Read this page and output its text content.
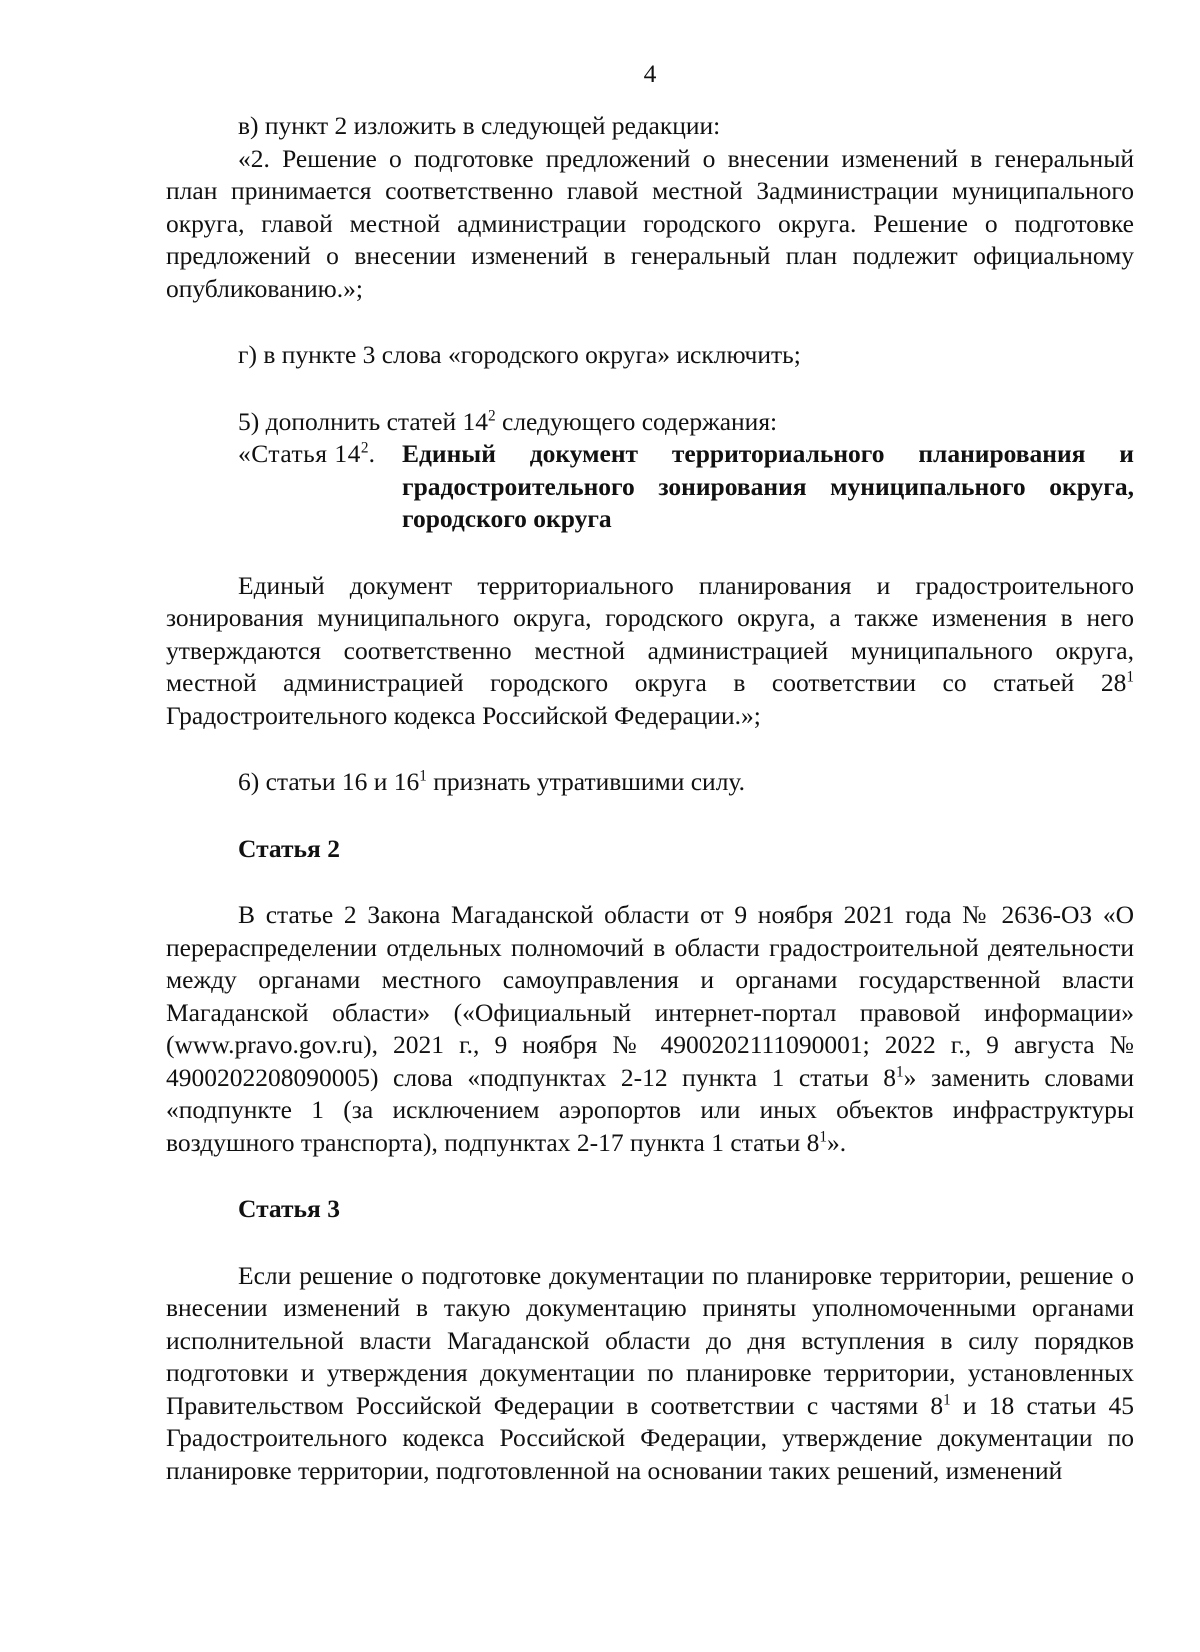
4

в) пункт 2 изложить в следующей редакции:

«2. Решение о подготовке предложений о внесении изменений в генеральный план принимается соответственно главой местной Задминистрации муниципального округа, главой местной администрации городского округа. Решение о подготовке предложений о внесении изменений в генеральный план подлежит официальному опубликованию.»;

г) в пункте 3 слова «городского округа» исключить;

5) дополнить статей $14^2$ следующего содержания:

«Статья $14^2$.	Единый документ территориального планирования и градостроительного зонирования муниципального округа, городского округа

Единый документ территориального планирования и градостроительного зонирования муниципального округа, городского округа, а также изменения в него утверждаются соответственно местной администрацией муниципального округа, местной администрацией городского округа в соответствии со статьей $28^1$ Градостроительного кодекса Российской Федерации.»;

6) статьи 16 и $16^1$ признать утратившими силу.

Статья 2

В статье 2 Закона Магаданской области от 9 ноября 2021 года № 2636-ОЗ «О перераспределении отдельных полномочий в области градостроительной деятельности между органами местного самоуправления и органами государственной власти Магаданской области» («Официальный интернет-портал правовой информации» (www.pravo.gov.ru), 2021 г., 9 ноября № 4900202111090001; 2022 г., 9 августа № 4900202208090005) слова «подпунктах 2-12 пункта 1 статьи $8^1$» заменить словами «подпункте 1 (за исключением аэропортов или иных объектов инфраструктуры воздушного транспорта), подпунктах 2-17 пункта 1 статьи $8^1$».

Статья 3

Если решение о подготовке документации по планировке территории, решение о внесении изменений в такую документацию приняты уполномоченными органами исполнительной власти Магаданской области до дня вступления в силу порядков подготовки и утверждения документации по планировке территории, установленных Правительством Российской Федерации в соответствии с частями $8^1$ и 18 статьи 45 Градостроительного кодекса Российской Федерации, утверждение документации по планировке территории, подготовленной на основании таких решений, изменений
